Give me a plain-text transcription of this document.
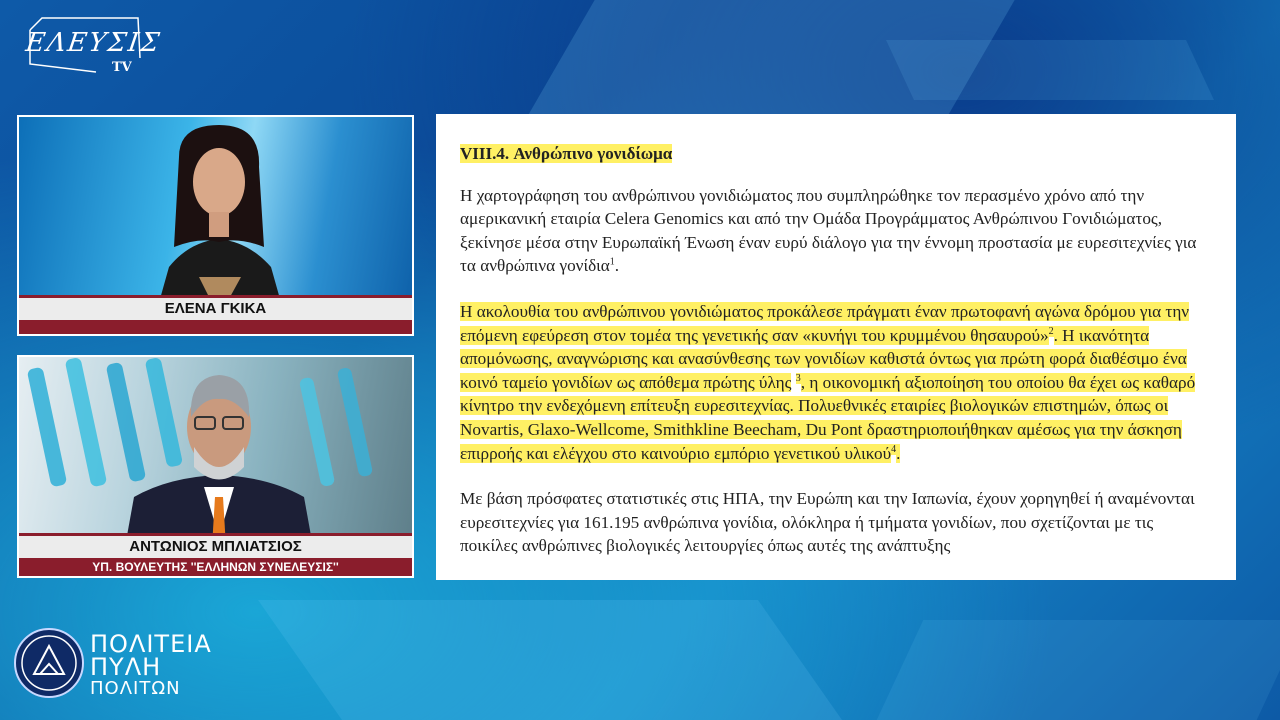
ΕΛΕΥΣΙΣ
TV
ΕΛΕΝΑ ΓΚΙΚΑ
ΑΝΤΩΝΙΟΣ ΜΠΛΙΑΤΣΙΟΣ
ΥΠ. ΒΟΥΛΕΥΤΗΣ ''ΕΛΛΗΝΩΝ ΣΥΝΕΛΕΥΣΙΣ''
VIII.4. Ανθρώπινο γονιδίωμα

Η χαρτογράφηση του ανθρώπινου γονιδιώματος που συμπληρώθηκε τον περασμένο χρόνο από την αμερικανική εταιρία Celera Genomics και από την Ομάδα Προγράμματος Ανθρώπινου Γονιδιώματος, ξεκίνησε μέσα στην Ευρωπαϊκή Ένωση έναν ευρύ διάλογο για την έννομη προστασία με ευρεσιτεχνίες για τα ανθρώπινα γονίδια$^1$.

Η ακολουθία του ανθρώπινου γονιδιώματος προκάλεσε πράγματι έναν πρωτοφανή αγώνα δρόμου για την επόμενη εφεύρεση στον τομέα της γενετικής σαν «κυνήγι του κρυμμένου θησαυρού»$^2$. Η ικανότητα απομόνωσης, αναγνώρισης και ανασύνθεσης των γονιδίων καθιστά όντως για πρώτη φορά διαθέσιμο ένα κοινό ταμείο γονιδίων ως απόθεμα πρώτης ύλης $^3$, η οικονομική αξιοποίηση του οποίου θα έχει ως καθαρό κίνητρο την ενδεχόμενη επίτευξη ευρεσιτεχνίας. Πολυεθνικές εταιρίες βιολογικών επιστημών, όπως οι Novartis, Glaxo-Wellcome, Smithkline Beecham, Du Pont δραστηριοποιήθηκαν αμέσως για την άσκηση επιρροής και ελέγχου στο καινούριο εμπόριο γενετικού υλικού$^4$.

Με βάση πρόσφατες στατιστικές στις ΗΠΑ, την Ευρώπη και την Ιαπωνία, έχουν χορηγηθεί ή αναμένονται ευρεσιτεχνίες για 161.195 ανθρώπινα γονίδια, ολόκληρα ή τμήματα γονιδίων, που σχετίζονται με τις ποικίλες ανθρώπινες βιολογικές λειτουργίες όπως αυτές της ανάπτυξης

ΠΟΛΙΤΕΙΑ
ΠΥΛΗ
ΠΟΛΙΤΩΝ
